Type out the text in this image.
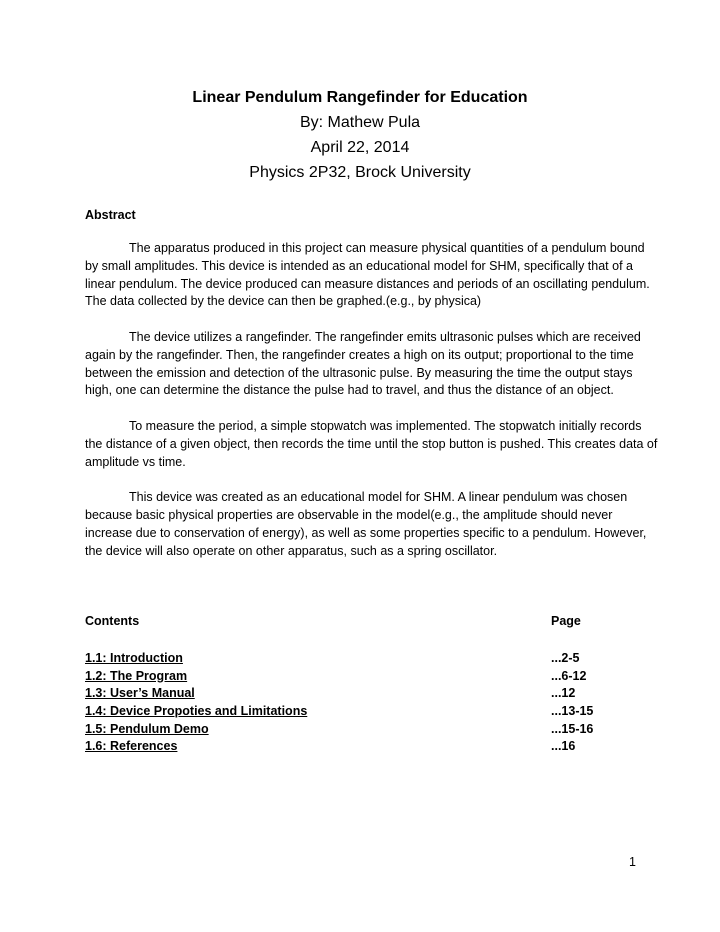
Linear Pendulum Rangefinder for Education

By: Mathew Pula

April 22, 2014

Physics 2P32, Brock University

Abstract

The apparatus produced in this project can measure physical quantities of a pendulum bound by small amplitudes. This device is intended as an educational model for SHM, specifically that of a linear pendulum. The device produced can measure distances and periods of an oscillating pendulum. The data collected by the device can then be graphed.(e.g., by physica)

The device utilizes a rangefinder. The rangefinder emits ultrasonic pulses which are received again by the rangefinder. Then, the rangefinder creates a high on its output; proportional to the time between the emission and detection of the ultrasonic pulse. By measuring the time the output stays high, one can determine the distance the pulse had to travel, and thus the distance of an object.

To measure the period, a simple stopwatch was implemented. The stopwatch initially records the distance of a given object, then records the time until the stop button is pushed. This creates data of amplitude vs time.

This device was created as an educational model for SHM. A linear pendulum was chosen because basic physical properties are observable in the model(e.g., the amplitude should never increase due to conservation of energy), as well as some properties specific to a pendulum. However, the device will also operate on other apparatus, such as a spring oscillator.

Contents	Page
1.1: Introduction	...2-5
1.2: The Program	...6-12
1.3: User’s Manual	...12
1.4: Device Propoties and Limitations	...13-15
1.5: Pendulum Demo	...15-16
1.6: References	...16
1
